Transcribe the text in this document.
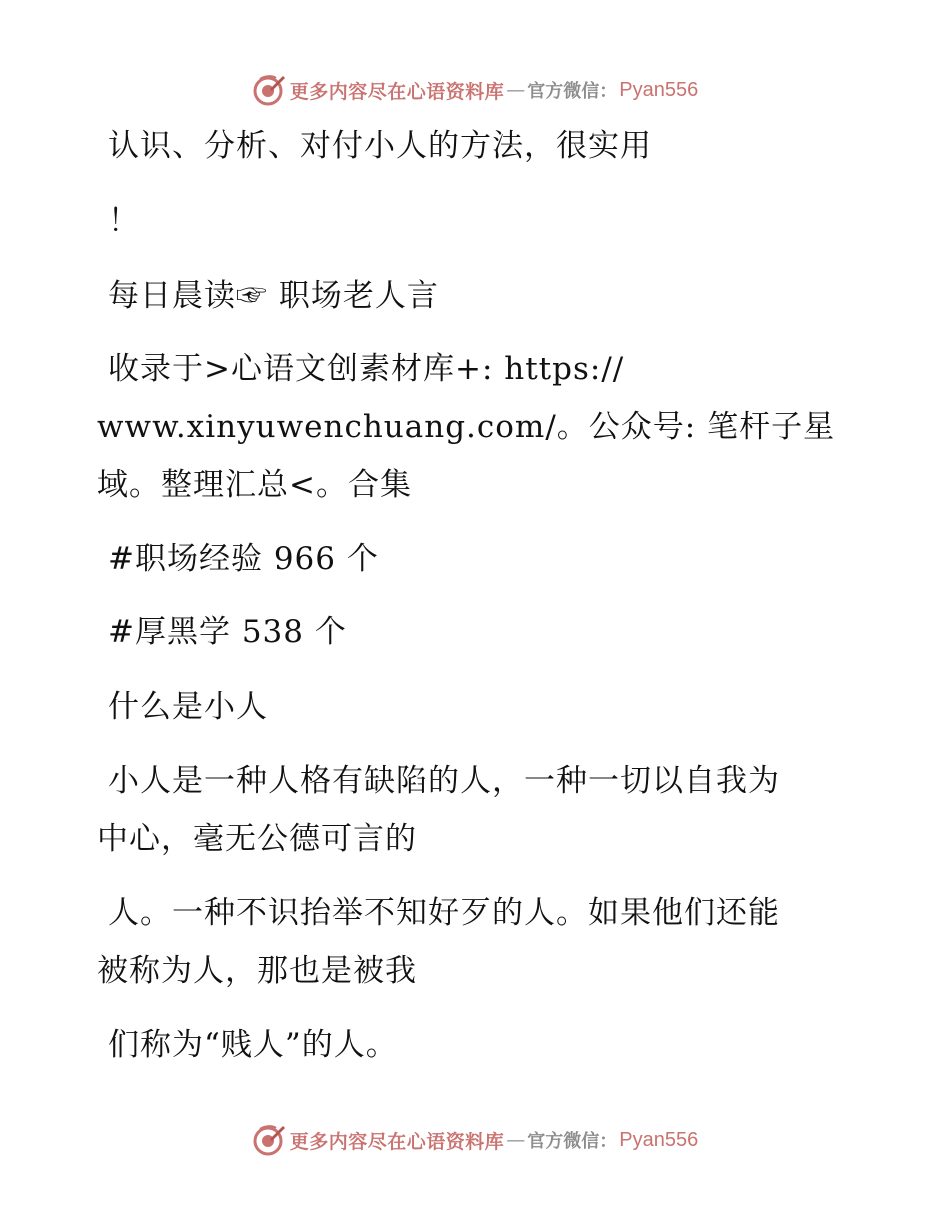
更多内容尽在心语资料库 — 官方微信： Pyan556
认识、分析、对付小人的方法，很实用
！
每日晨读☞ 职场老人言
收录于>心语文创素材库+: https://
www.xinyuwenchuang.com/。公众号: 笔杆子星
域。整理汇总<。合集
#职场经验 966 个
#厚黑学 538 个
什么是小人
小人是一种人格有缺陷的人，一种一切以自我为
中心，毫无公德可言的
人。一种不识抬举不知好歹的人。如果他们还能
被称为人，那也是被我
们称为“贱人”的人。
更多内容尽在心语资料库 — 官方微信： Pyan556
